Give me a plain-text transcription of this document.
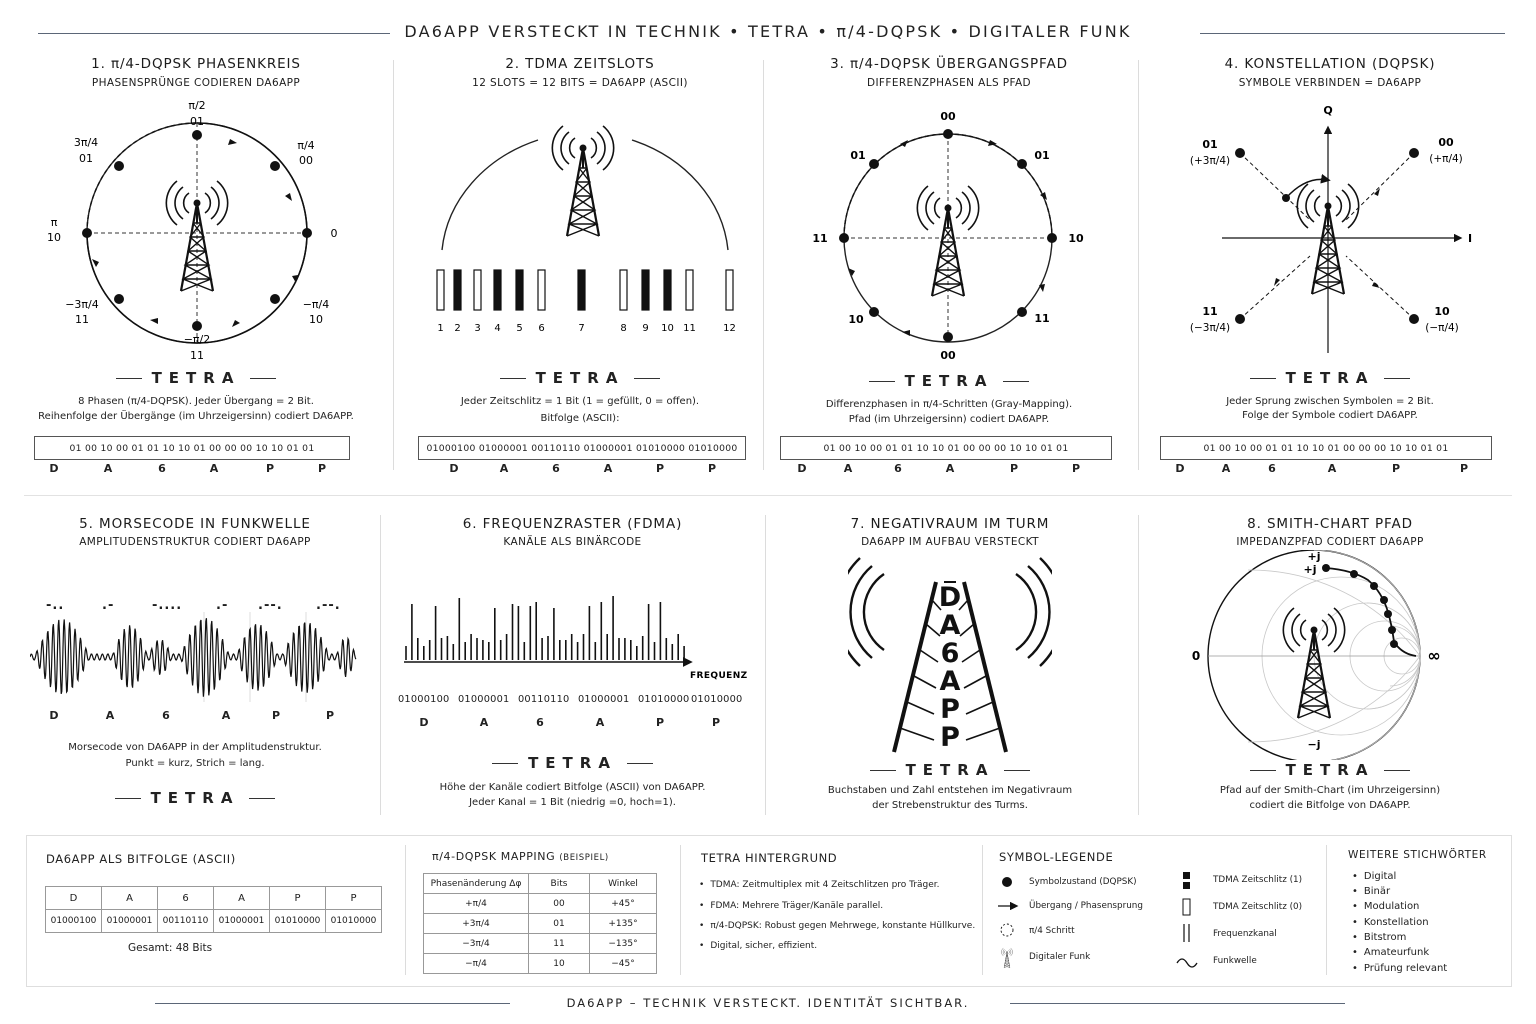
DA6APP VERSTECKT IN TECHNIK • TETRA • π/4-DQPSK • DIGITALER FUNK
1. π/4-DQPSK PHASENKREIS
PHASENSPRÜNGE CODIEREN DA6APP
π/2
01
π/4
00
0
−π/4
10
−π/2
11
−3π/4
11
π
10
3π/4
01
TETRA
8 Phasen (π/4-DQPSK). Jeder Übergang = 2 Bit.
Reihenfolge der Übergänge (im Uhrzeigersinn) codiert DA6APP.
01 00 10 00 01 01 10 10 01 00 00 00 10 10 01 01
D	A	6	A	P	P
2. TDMA ZEITSLOTS
12 SLOTS = 12 BITS = DA6APP (ASCII)
1 2 3 4 5 6	7	8 9 10 11	12
TETRA
Jeder Zeitschlitz = 1 Bit (1 = gefüllt, 0 = offen).
Bitfolge (ASCII):
01000100 01000001 00110110 01000001 01010000 01010000
D	A	6	A	P	P
3. π/4-DQPSK ÜBERGANGSPFAD
DIFFERENZPHASEN ALS PFAD
00
01	01
11	10
10	11
00
TETRA
Differenzphasen in π/4-Schritten (Gray-Mapping).
Pfad (im Uhrzeigersinn) codiert DA6APP.
01 00 10 00 01 01 10 10 01 00 00 00 10 10 01 01
D	A	6	A	P	P
4. KONSTELLATION (DQPSK)
SYMBOLE VERBINDEN = DA6APP
Q
I
01
(+3π/4)
00
(+π/4)
11
(−3π/4)
10
(−π/4)
TETRA
Jeder Sprung zwischen Symbolen = 2 Bit.
Folge der Symbole codiert DA6APP.
01 00 10 00 01 01 10 10 01 00 00 00 10 10 01 01
D	A	6	A	P	P
5. MORSECODE IN FUNKWELLE
AMPLITUDENSTRUKTUR CODIERT DA6APP
-..	.-	-....	.- .--.	.--.
D	A	6	A	P	P
Morsecode von DA6APP in der Amplitudenstruktur.
Punkt = kurz, Strich = lang.
TETRA
6. FREQUENZRASTER (FDMA)
KANÄLE ALS BINÄRCODE
FREQUENZ
01000100 01000001 00110110 01000001 01010000 01010000
D	A	6	A	P	P
TETRA
Höhe der Kanäle codiert Bitfolge (ASCII) von DA6APP.
Jeder Kanal = 1 Bit (niedrig =0, hoch=1).
7. NEGATIVRAUM IM TURM
DA6APP IM AUFBAU VERSTECKT
D
A
6
A
P
P
TETRA
Buchstaben und Zahl entstehen im Negativraum
der Strebenstruktur des Turms.
8. SMITH-CHART PFAD
IMPEDANZPFAD CODIERT DA6APP
+j
+j
−j
0	∞
TETRA
Pfad auf der Smith-Chart (im Uhrzeigersinn)
codiert die Bitfolge von DA6APP.
DA6APP ALS BITFOLGE (ASCII)
D	A	6	A	P	P
01000100	01000001	00110110	01000001	01010000	01010000
Gesamt: 48 Bits
π/4-DQPSK MAPPING (BEISPIEL)
Phasenänderung Δφ	Bits	Winkel
+π/4	00	+45°
+3π/4	01	+135°
−3π/4	11	−135°
−π/4	10	−45°
TETRA HINTERGRUND
• TDMA: Zeitmultiplex mit 4 Zeitschlitzen pro Träger.
• FDMA: Mehrere Träger/Kanäle parallel.
• π/4-DQPSK: Robust gegen Mehrwege, konstante Hüllkurve.
• Digital, sicher, effizient.
SYMBOL-LEGENDE
Symbolzustand (DQPSK)
Übergang / Phasensprung
π/4 Schritt
Digitaler Funk
TDMA Zeitschlitz (1)
TDMA Zeitschlitz (0)
Frequenzkanal
Funkwelle
WEITERE STICHWÖRTER
• Digital
• Binär
• Modulation
• Konstellation
• Bitstrom
• Amateurfunk
• Prüfung relevant
DA6APP – TECHNIK VERSTECKT. IDENTITÄT SICHTBAR.
